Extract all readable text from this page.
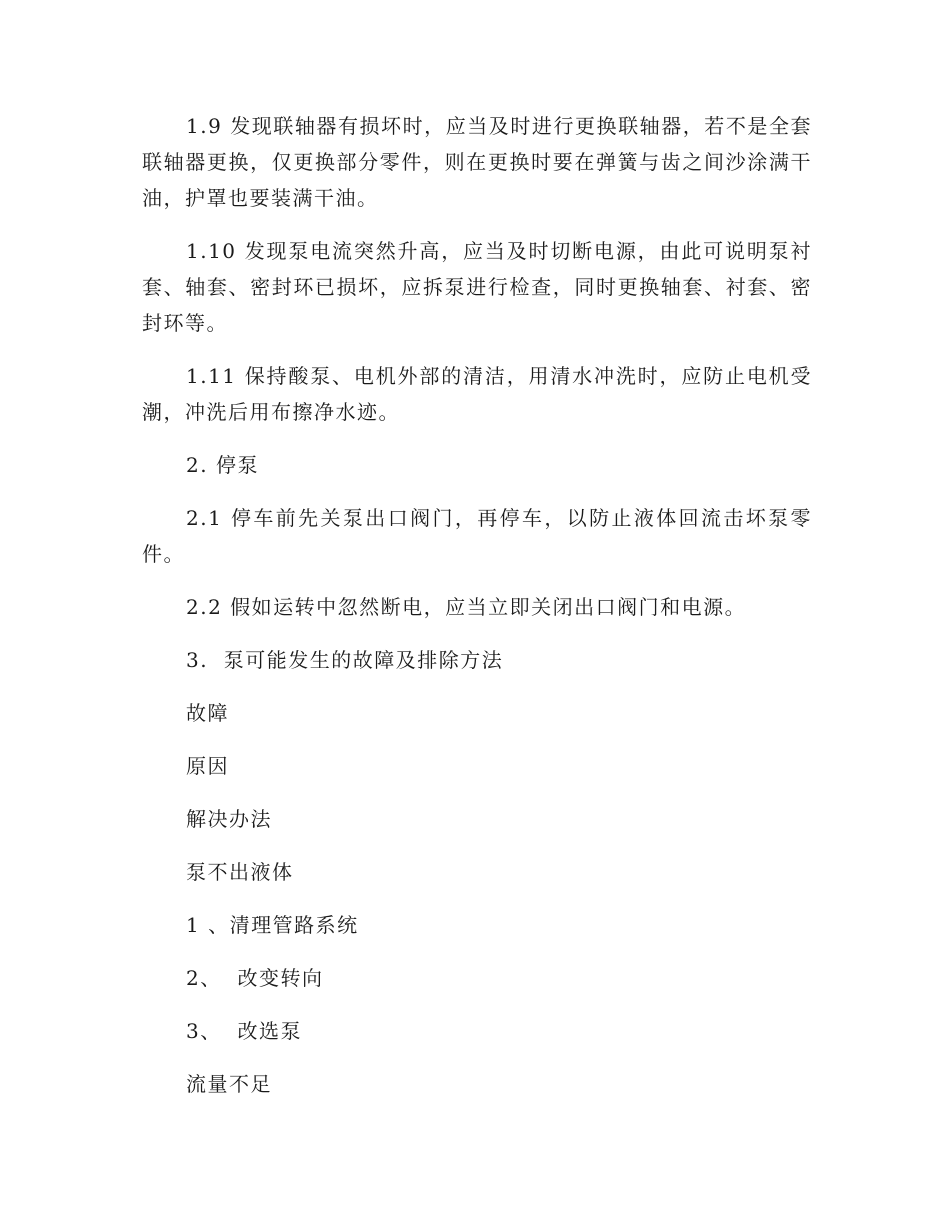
1.9 发现联轴器有损坏时，应当及时进行更换联轴器，若不是全套联轴器更换，仅更换部分零件，则在更换时要在弹簧与齿之间沙涂满干油，护罩也要装满干油。

1.10 发现泵电流突然升高，应当及时切断电源，由此可说明泵衬套、轴套、密封环已损坏，应拆泵进行检查，同时更换轴套、衬套、密封环等。

1.11 保持酸泵、电机外部的清洁，用清水冲洗时，应防止电机受潮，冲洗后用布擦净水迹。

2. 停泵

2.1 停车前先关泵出口阀门，再停车，以防止液体回流击坏泵零件。

2.2 假如运转中忽然断电，应当立即关闭出口阀门和电源。

3.  泵可能发生的故障及排除方法

故障

原因

解决办法

泵不出液体

1 、清理管路系统

2、  改变转向

3、  改选泵

流量不足
